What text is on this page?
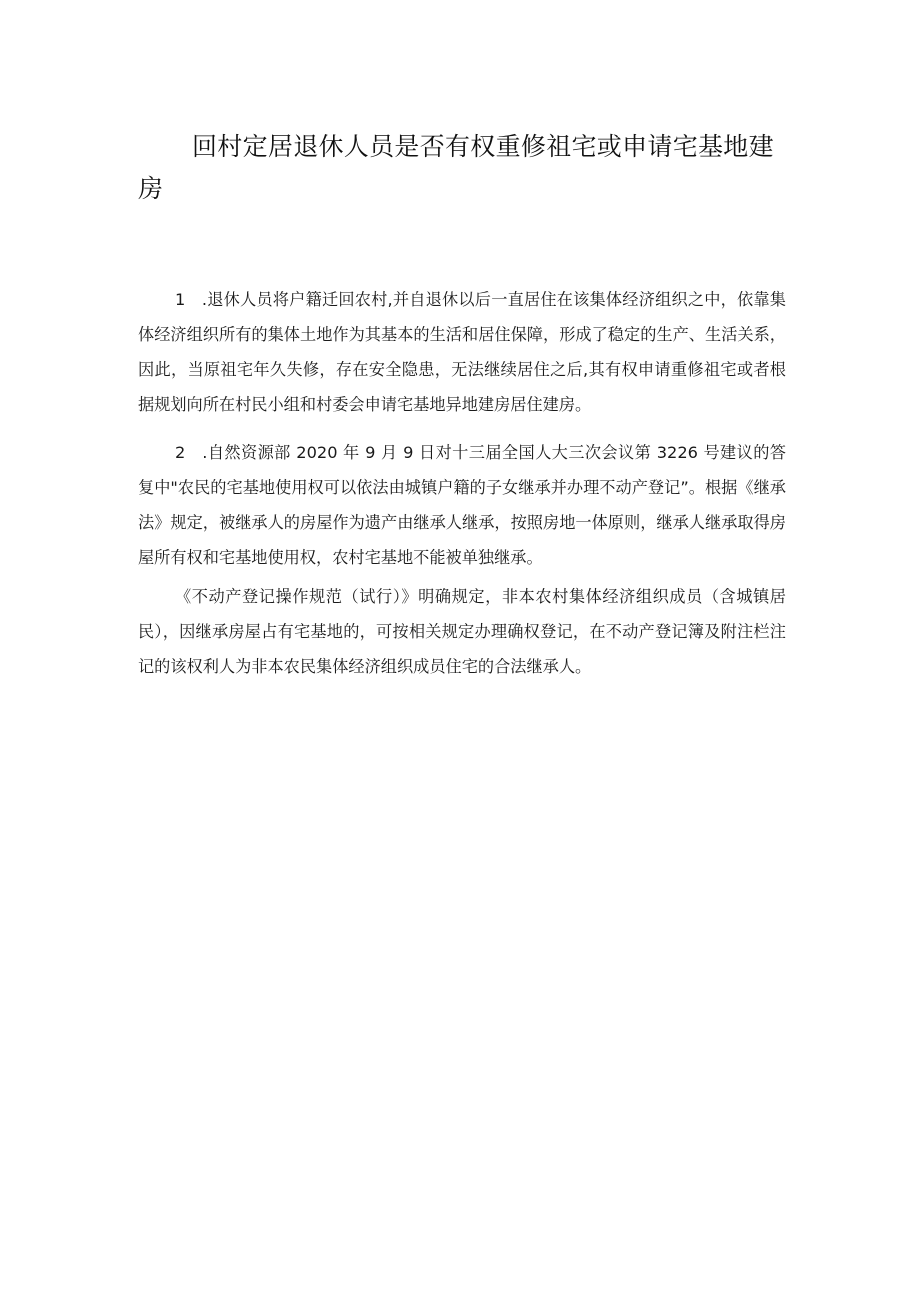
回村定居退休人员是否有权重修祖宅或申请宅基地建房

1　.退休人员将户籍迁回农村,并自退休以后一直居住在该集体经济组织之中，依靠集体经济组织所有的集体土地作为其基本的生活和居住保障，形成了稳定的生产、生活关系，因此，当原祖宅年久失修，存在安全隐患，无法继续居住之后,其有权申请重修祖宅或者根据规划向所在村民小组和村委会申请宅基地异地建房居住建房。

2　.自然资源部 2020 年 9 月 9 日对十三届全国人大三次会议第 3226 号建议的答复中"农民的宅基地使用权可以依法由城镇户籍的子女继承并办理不动产登记”。根据《继承法》规定，被继承人的房屋作为遗产由继承人继承，按照房地一体原则，继承人继承取得房屋所有权和宅基地使用权，农村宅基地不能被单独继承。

《不动产登记操作规范（试行）》明确规定，非本农村集体经济组织成员（含城镇居民），因继承房屋占有宅基地的，可按相关规定办理确权登记，在不动产登记簿及附注栏注记的该权利人为非本农民集体经济组织成员住宅的合法继承人。
